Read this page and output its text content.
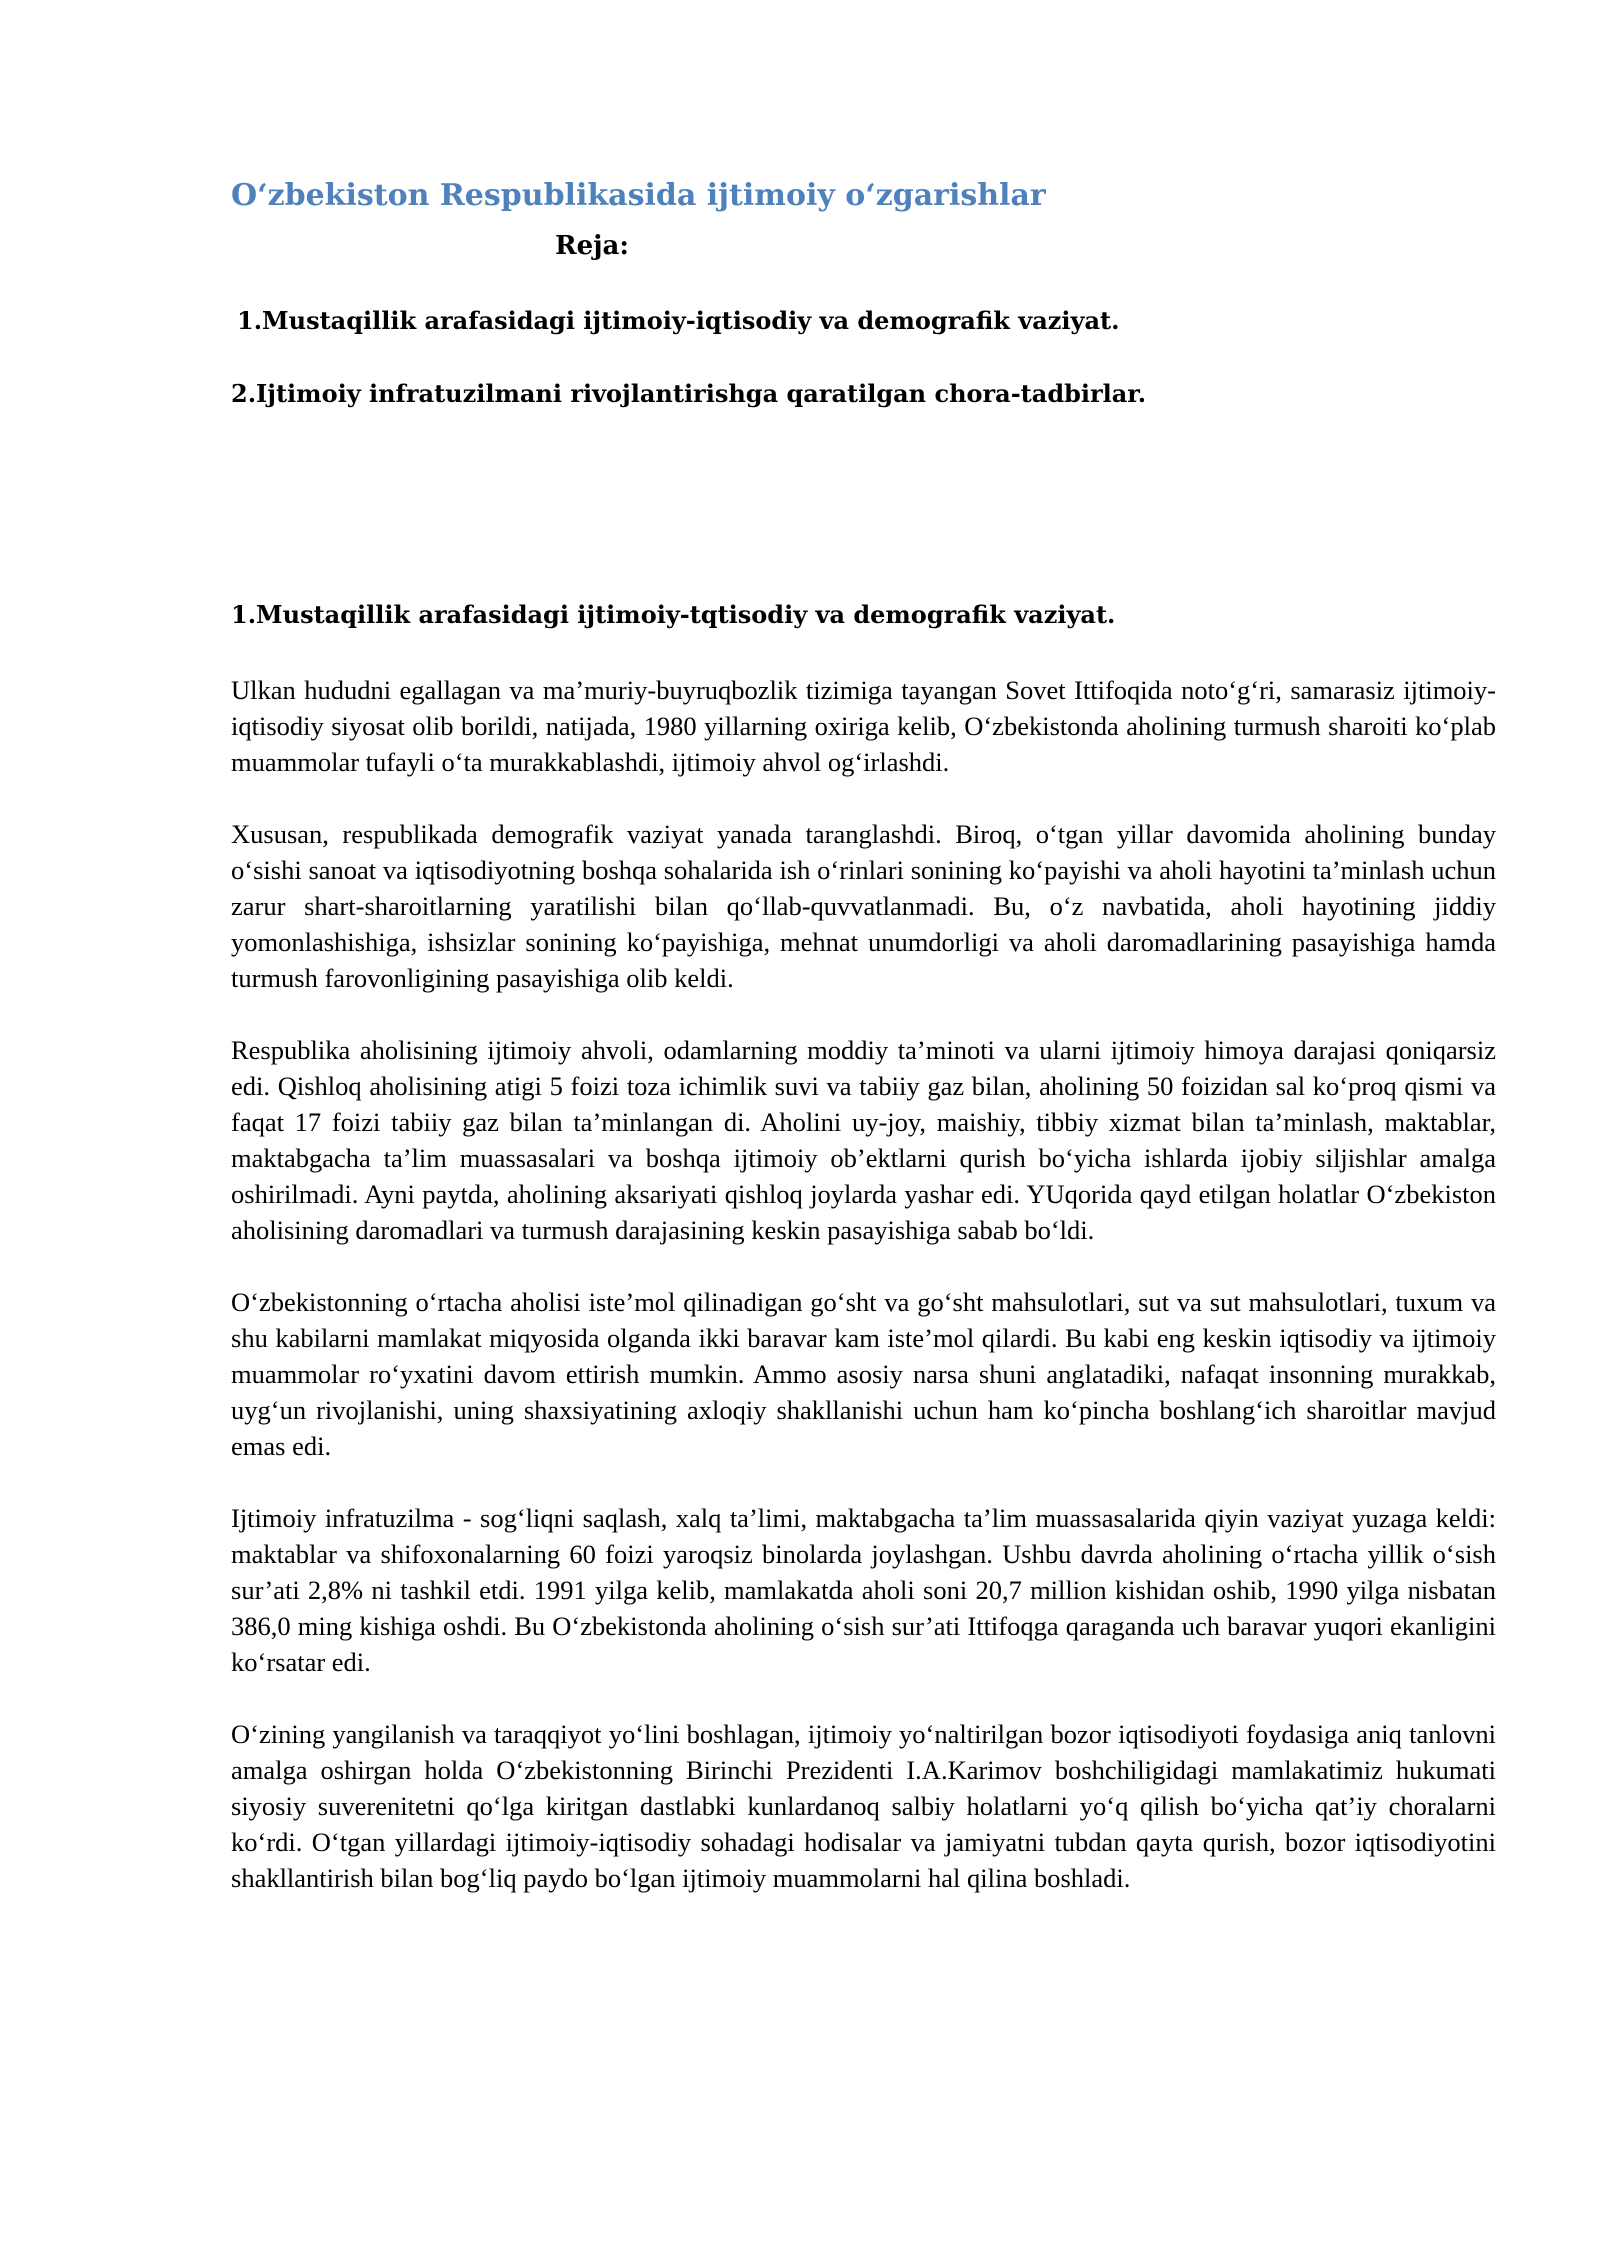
O‘zbekiston Respublikasida ijtimoiy o‘zgarishlar
Reja:
1.Mustaqillik arafasidagi ijtimoiy-iqtisodiy va demografik vaziyat.
2.Ijtimoiy infratuzilmani rivojlantirishga qaratilgan chora-tadbirlar.
1.Mustaqillik arafasidagi ijtimoiy-tqtisodiy va demografik vaziyat.

Ulkan hududni egallagan va ma’muriy-buyruqbozlik tizimiga tayangan Sovet Ittifoqida noto‘g‘ri, samarasiz ijtimoiy-iqtisodiy siyosat olib borildi, natijada, 1980 yillarning oxiriga kelib, O‘zbekistonda aholining turmush sharoiti ko‘plab muammolar tufayli o‘ta murakkablashdi, ijtimoiy ahvol og‘irlashdi.

Xususan, respublikada demografik vaziyat yanada taranglashdi. Biroq, o‘tgan yillar davomida aholining bunday o‘sishi sanoat va iqtisodiyotning boshqa sohalarida ish o‘rinlari sonining ko‘payishi va aholi hayotini ta’minlash uchun zarur shart-sharoitlarning yaratilishi bilan qo‘llab-quvvatlanmadi. Bu, o‘z navbatida, aholi hayotining jiddiy yomonlashishiga, ishsizlar sonining ko‘payishiga, mehnat unumdorligi va aholi daromadlarining pasayishiga hamda turmush farovonligining pasayishiga olib keldi.

Respublika aholisining ijtimoiy ahvoli, odamlarning moddiy ta’minoti va ularni ijtimoiy himoya darajasi qoniqarsiz edi. Qishloq aholisining atigi 5 foizi toza ichimlik suvi va tabiiy gaz bilan, aholining 50 foizidan sal ko‘proq qismi va faqat 17 foizi tabiiy gaz bilan ta’minlangan di. Aholini uy-joy, maishiy, tibbiy xizmat bilan ta’minlash, maktablar, maktabgacha ta’lim muassasalari va boshqa ijtimoiy ob’ektlarni qurish bo‘yicha ishlarda ijobiy siljishlar amalga oshirilmadi. Ayni paytda, aholining aksariyati qishloq joylarda yashar edi. YUqorida qayd etilgan holatlar O‘zbekiston aholisining daromadlari va turmush darajasining keskin pasayishiga sabab bo‘ldi.

O‘zbekistonning o‘rtacha aholisi iste’mol qilinadigan go‘sht va go‘sht mahsulotlari, sut va sut mahsulotlari, tuxum va shu kabilarni mamlakat miqyosida olganda ikki baravar kam iste’mol qilardi. Bu kabi eng keskin iqtisodiy va ijtimoiy muammolar ro‘yxatini davom ettirish mumkin. Ammo asosiy narsa shuni anglatadiki, nafaqat insonning murakkab, uyg‘un rivojlanishi, uning shaxsiyatining axloqiy shakllanishi uchun ham ko‘pincha boshlang‘ich sharoitlar mavjud emas edi.

Ijtimoiy infratuzilma - sog‘liqni saqlash, xalq ta’limi, maktabgacha ta’lim muassasalarida qiyin vaziyat yuzaga keldi: maktablar va shifoxonalarning 60 foizi yaroqsiz binolarda joylashgan. Ushbu davrda aholining o‘rtacha yillik o‘sish sur’ati 2,8% ni tashkil etdi. 1991 yilga kelib, mamlakatda aholi soni 20,7 million kishidan oshib, 1990 yilga nisbatan 386,0 ming kishiga oshdi. Bu O‘zbekistonda aholining o‘sish sur’ati Ittifoqga qaraganda uch baravar yuqori ekanligini ko‘rsatar edi.

O‘zining yangilanish va taraqqiyot yo‘lini boshlagan, ijtimoiy yo‘naltirilgan bozor iqtisodiyoti foydasiga aniq tanlovni amalga oshirgan holda O‘zbekistonning Birinchi Prezidenti I.A.Karimov boshchiligidagi mamlakatimiz hukumati siyosiy suverenitetni qo‘lga kiritgan dastlabki kunlardanoq salbiy holatlarni yo‘q qilish bo‘yicha qat’iy choralarni ko‘rdi. O‘tgan yillardagi ijtimoiy-iqtisodiy sohadagi hodisalar va jamiyatni tubdan qayta qurish, bozor iqtisodiyotini shakllantirish bilan bog‘liq paydo bo‘lgan ijtimoiy muammolarni hal qilina boshladi.
